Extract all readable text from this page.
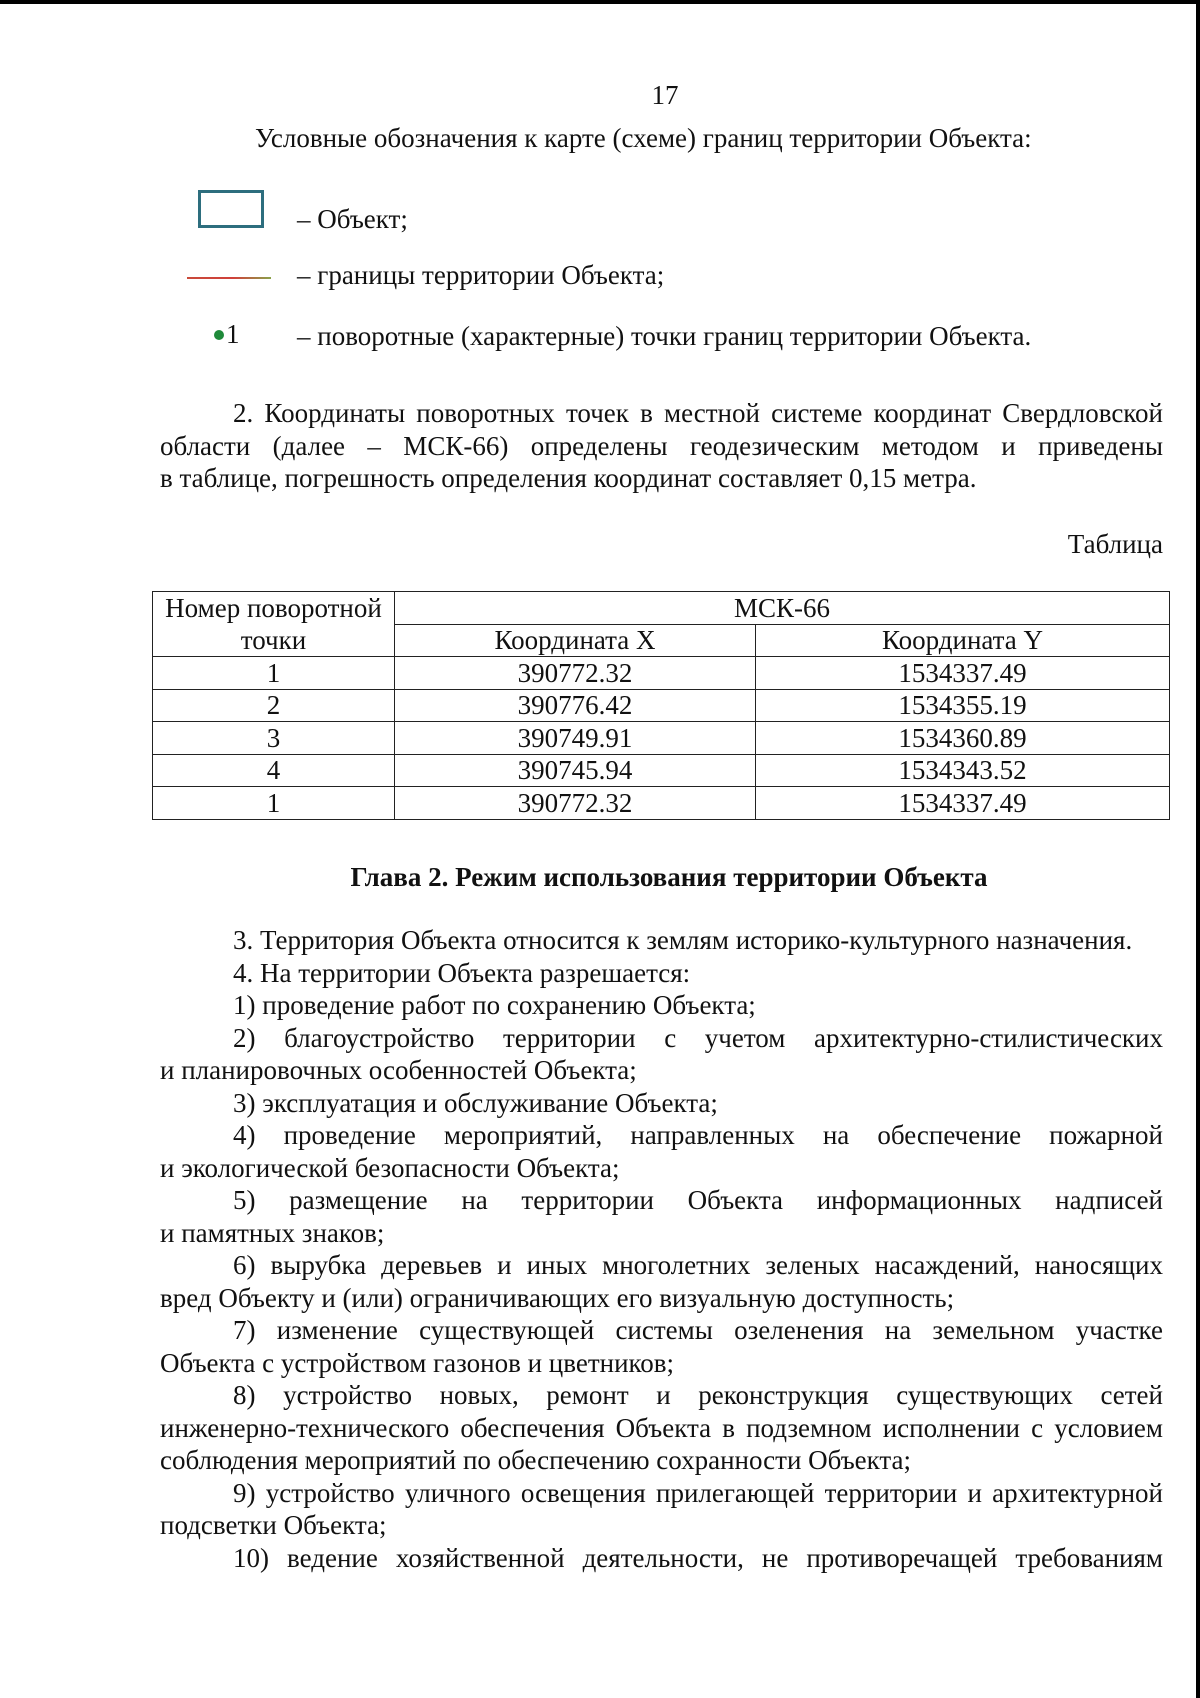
17
Условные обозначения к карте (схеме) границ территории Объекта:
– Объект;
– границы территории Объекта;
1 – поворотные (характерные) точки границ территории Объекта.
2. Координаты поворотных точек в местной системе координат Свердловской
области (далее – МСК-66) определены геодезическим методом и приведены
в таблице, погрешность определения координат составляет 0,15 метра.
Таблица
Номер поворотной
точки	МСК-66	
	Координата X	Координата Y
1	390772.32	1534337.49
2	390776.42	1534355.19
3	390749.91	1534360.89
4	390745.94	1534343.52
1	390772.32	1534337.49
Глава 2. Режим использования территории Объекта
3. Территория Объекта относится к землям историко-культурного назначения.
4. На территории Объекта разрешается:
1) проведение работ по сохранению Объекта;
2) благоустройство территории с учетом архитектурно-стилистических
и планировочных особенностей Объекта;
3) эксплуатация и обслуживание Объекта;
4) проведение мероприятий, направленных на обеспечение пожарной
и экологической безопасности Объекта;
5) размещение на территории Объекта информационных надписей
и памятных знаков;
6) вырубка деревьев и иных многолетних зеленых насаждений, наносящих
вред Объекту и (или) ограничивающих его визуальную доступность;
7) изменение существующей системы озеленения на земельном участке
Объекта с устройством газонов и цветников;
8) устройство новых, ремонт и реконструкция существующих сетей
инженерно-технического обеспечения Объекта в подземном исполнении с условием
соблюдения мероприятий по обеспечению сохранности Объекта;
9) устройство уличного освещения прилегающей территории и архитектурной
подсветки Объекта;
10) ведение хозяйственной деятельности, не противоречащей требованиям
